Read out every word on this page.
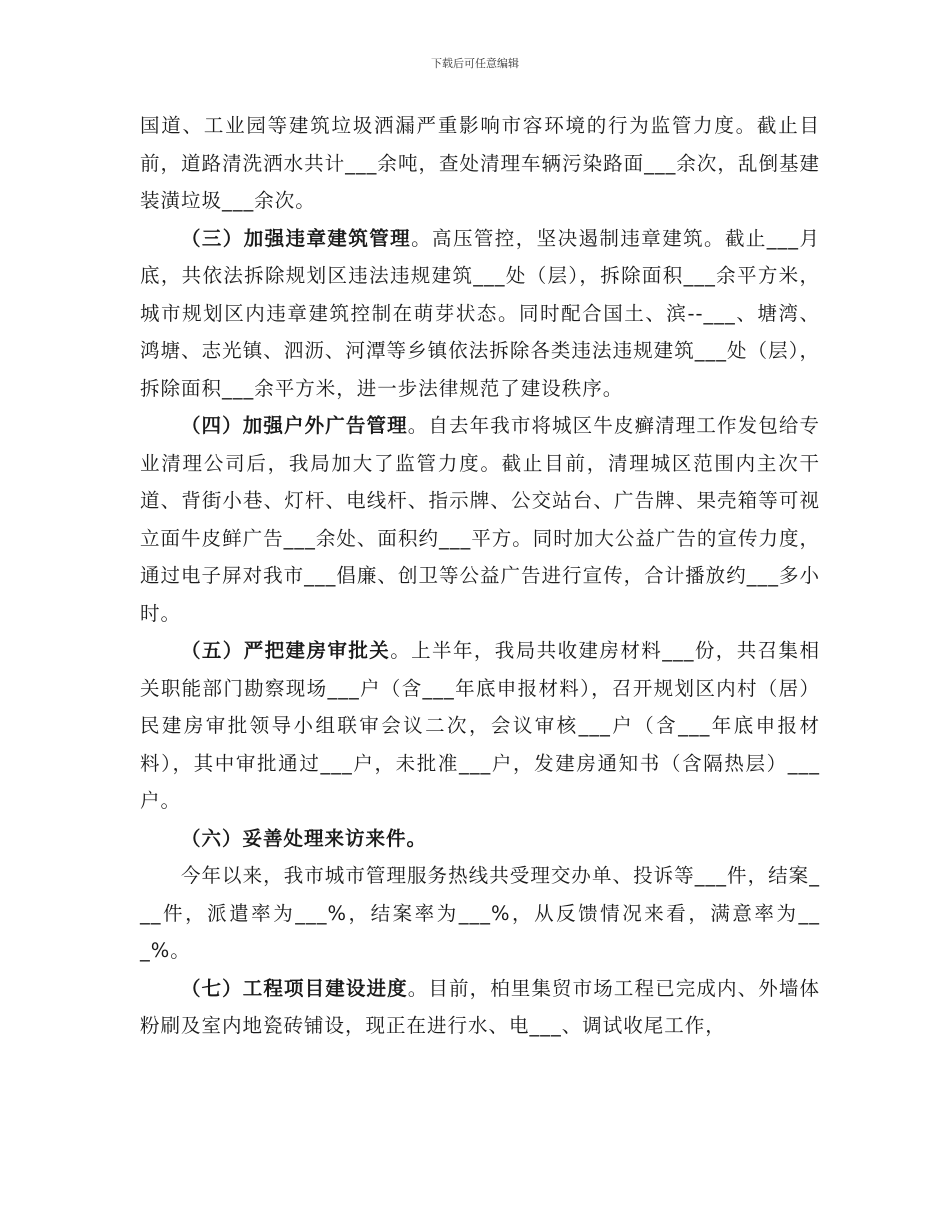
下载后可任意编辑

国道、工业园等建筑垃圾洒漏严重影响市容环境的行为监管力度。截止目前，道路清洗洒水共计___余吨，查处清理车辆污染路面___余次，乱倒基建装潢垃圾___余次。

（三）加强违章建筑管理。高压管控，坚决遏制违章建筑。截止___月底，共依法拆除规划区违法违规建筑___处（层），拆除面积___余平方米，城市规划区内违章建筑控制在萌芽状态。同时配合国土、滨--___、塘湾、鸿塘、志光镇、泗沥、河潭等乡镇依法拆除各类违法违规建筑___处（层），拆除面积___余平方米，进一步法律规范了建设秩序。

（四）加强户外广告管理。自去年我市将城区牛皮癣清理工作发包给专业清理公司后，我局加大了监管力度。截止目前，清理城区范围内主次干道、背街小巷、灯杆、电线杆、指示牌、公交站台、广告牌、果壳箱等可视立面牛皮鲜广告___余处、面积约___平方。同时加大公益广告的宣传力度，通过电子屏对我市___倡廉、创卫等公益广告进行宣传，合计播放约___多小时。

（五）严把建房审批关。上半年，我局共收建房材料___份，共召集相关职能部门勘察现场___户（含___年底申报材料），召开规划区内村（居）民建房审批领导小组联审会议二次，会议审核___户（含___年底申报材料），其中审批通过___户，未批准___户，发建房通知书（含隔热层）___户。

（六）妥善处理来访来件。

今年以来，我市城市管理服务热线共受理交办单、投诉等___件，结案___件，派遣率为___%，结案率为___%，从反馈情况来看，满意率为___%。

（七）工程项目建设进度。目前，柏里集贸市场工程已完成内、外墙体粉刷及室内地瓷砖铺设，现正在进行水、电___、调试收尾工作，
